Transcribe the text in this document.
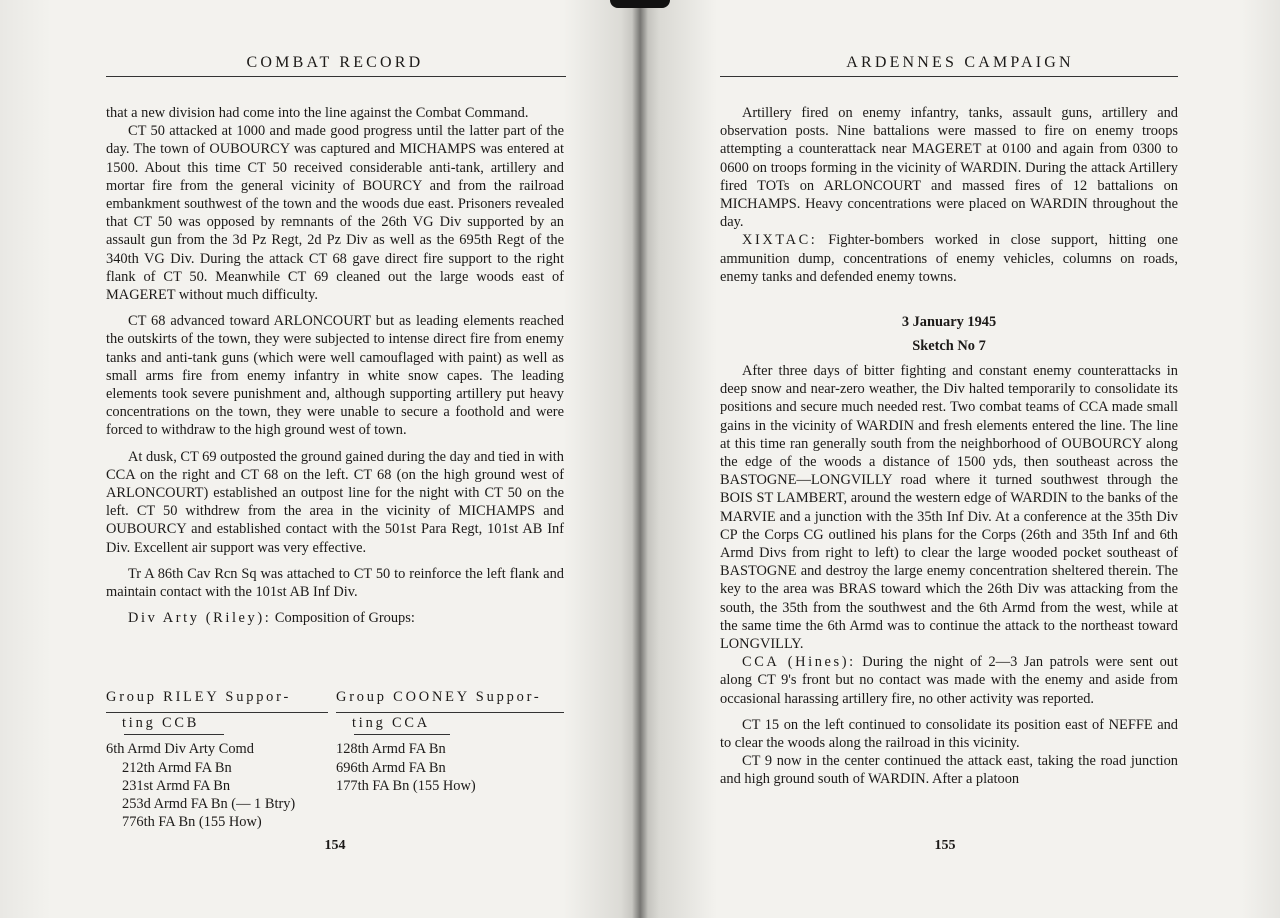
COMBAT RECORD

that a new division had come into the line against the Combat Command.

CT 50 attacked at 1000 and made good progress until the latter part of the day. The town of OUBOURCY was captured and MICHAMPS was entered at 1500. About this time CT 50 received considerable anti-tank, artillery and mortar fire from the general vicinity of BOURCY and from the railroad embankment southwest of the town and the woods due east. Prisoners revealed that CT 50 was opposed by remnants of the 26th VG Div supported by an assault gun from the 3d Pz Regt, 2d Pz Div as well as the 695th Regt of the 340th VG Div. During the attack CT 68 gave direct fire support to the right flank of CT 50. Meanwhile CT 69 cleaned out the large woods east of MAGERET without much difficulty.

CT 68 advanced toward ARLONCOURT but as leading elements reached the outskirts of the town, they were subjected to intense direct fire from enemy tanks and anti-tank guns (which were well camouflaged with paint) as well as small arms fire from enemy infantry in white snow capes. The leading elements took severe punishment and, although supporting artillery put heavy concentrations on the town, they were unable to secure a foothold and were forced to withdraw to the high ground west of town.

At dusk, CT 69 outposted the ground gained during the day and tied in with CCA on the right and CT 68 on the left. CT 68 (on the high ground west of ARLONCOURT) established an outpost line for the night with CT 50 on the left. CT 50 withdrew from the area in the vicinity of MICHAMPS and OUBOURCY and established contact with the 501st Para Regt, 101st AB Inf Div. Excellent air support was very effective.

Tr A 86th Cav Rcn Sq was attached to CT 50 to reinforce the left flank and maintain contact with the 101st AB Inf Div.

Div Arty (Riley): Composition of Groups:

Group RILEY Suppor-
ting CCB
6th Armd Div Arty Comd
212th Armd FA Bn
231st Armd FA Bn
253d Armd FA Bn (— 1 Btry)
776th FA Bn (155 How)
Group COONEY Suppor-
ting CCA
128th Armd FA Bn
696th Armd FA Bn
177th FA Bn (155 How)
154
ARDENNES CAMPAIGN

Artillery fired on enemy infantry, tanks, assault guns, artillery and observation posts. Nine battalions were massed to fire on enemy troops attempting a counterattack near MAGERET at 0100 and again from 0300 to 0600 on troops forming in the vicinity of WARDIN. During the attack Artillery fired TOTs on ARLONCOURT and massed fires of 12 battalions on MICHAMPS. Heavy concentrations were placed on WARDIN throughout the day.

XIXTAC: Fighter-bombers worked in close support, hitting one ammunition dump, concentrations of enemy vehicles, columns on roads, enemy tanks and defended enemy towns.

3 January 1945
Sketch No 7

After three days of bitter fighting and constant enemy counterattacks in deep snow and near-zero weather, the Div halted temporarily to consolidate its positions and secure much needed rest. Two combat teams of CCA made small gains in the vicinity of WARDIN and fresh elements entered the line. The line at this time ran generally south from the neighborhood of OUBOURCY along the edge of the woods a distance of 1500 yds, then southeast across the BASTOGNE—LONGVILLY road where it turned southwest through the BOIS ST LAMBERT, around the western edge of WARDIN to the banks of the MARVIE and a junction with the 35th Inf Div. At a conference at the 35th Div CP the Corps CG outlined his plans for the Corps (26th and 35th Inf and 6th Armd Divs from right to left) to clear the large wooded pocket southeast of BASTOGNE and destroy the large enemy concentration sheltered therein. The key to the area was BRAS toward which the 26th Div was attacking from the south, the 35th from the southwest and the 6th Armd from the west, while at the same time the 6th Armd was to continue the attack to the northeast toward LONGVILLY.

CCA (Hines): During the night of 2—3 Jan patrols were sent out along CT 9's front but no contact was made with the enemy and aside from occasional harassing artillery fire, no other activity was reported.

CT 15 on the left continued to consolidate its position east of NEFFE and to clear the woods along the railroad in this vicinity.

CT 9 now in the center continued the attack east, taking the road junction and high ground south of WARDIN. After a platoon

155
